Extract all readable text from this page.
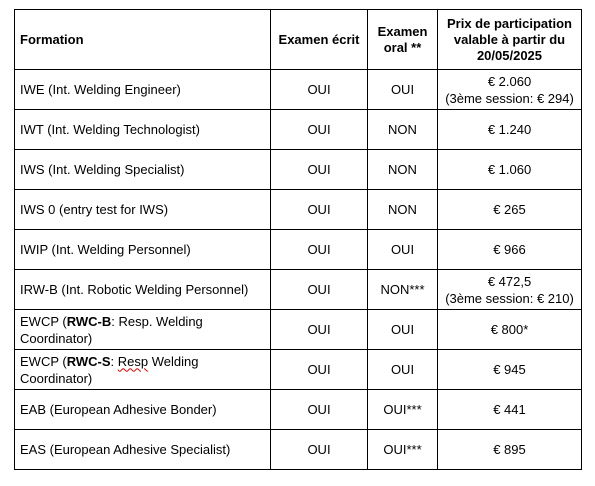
Formation	Examen écrit	Examen oral **	Prix de participation valable à partir du 20/05/2025
IWE (Int. Welding Engineer)	OUI	OUI	€ 2.060
(3ème session: € 294)

IWT (Int. Welding Technologist)	OUI	NON	€ 1.240
IWS (Int. Welding Specialist)	OUI	NON	€ 1.060
IWS 0 (entry test for IWS)	OUI	NON	€ 265
IWIP (Int. Welding Personnel)	OUI	OUI	€ 966
IRW-B (Int. Robotic Welding Personnel)	OUI	NON***	€ 472,5
(3ème session: € 210)

EWCP (RWC-B: Resp. Welding Coordinator)	OUI	OUI	€ 800*
EWCP (RWC-S: Resp Welding Coordinator)	OUI	OUI	€ 945
EAB (European Adhesive Bonder)	OUI	OUI***	€ 441
EAS (European Adhesive Specialist)	OUI	OUI***	€ 895
